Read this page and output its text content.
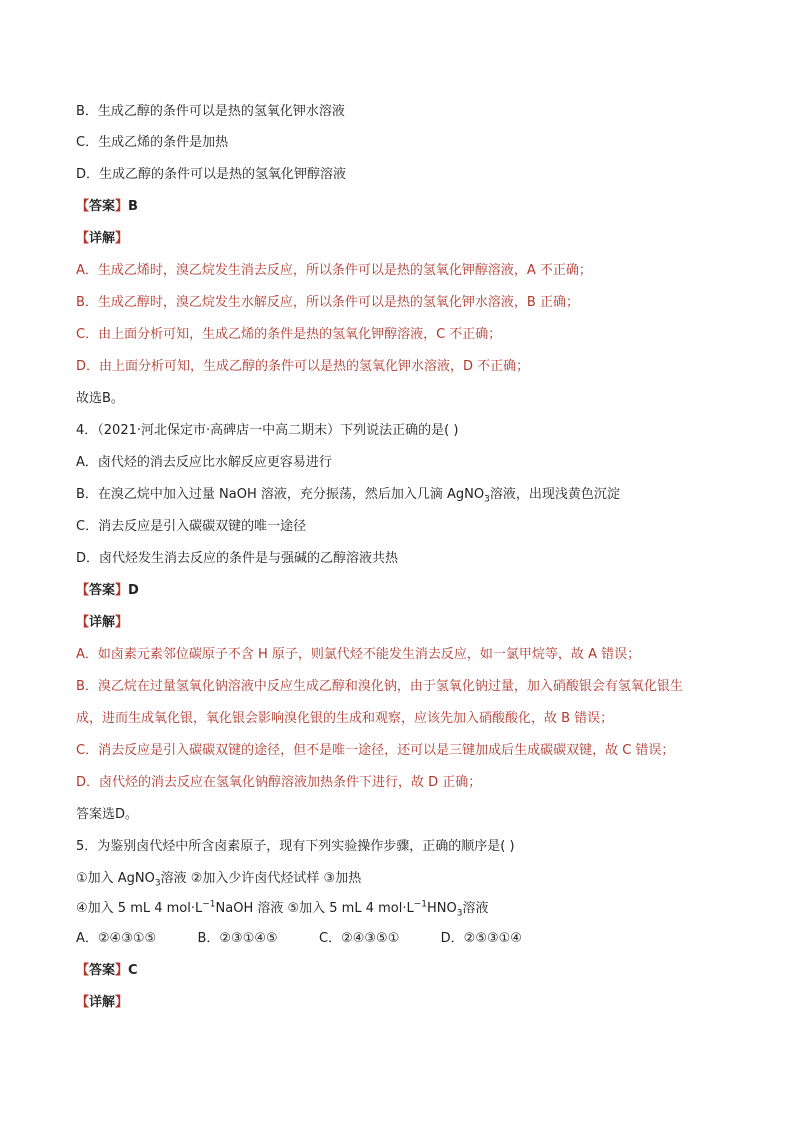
B．生成乙醇的条件可以是热的氢氧化钾水溶液
C．生成乙烯的条件是加热
D．生成乙醇的条件可以是热的氢氧化钾醇溶液
【答案】B
【详解】
A．生成乙烯时，溴乙烷发生消去反应，所以条件可以是热的氢氧化钾醇溶液，A 不正确；
B．生成乙醇时，溴乙烷发生水解反应，所以条件可以是热的氢氧化钾水溶液，B 正确；
C．由上面分析可知，生成乙烯的条件是热的氢氧化钾醇溶液，C 不正确；
D．由上面分析可知，生成乙醇的条件可以是热的氢氧化钾水溶液，D 不正确；
故选B。
4．（2021·河北保定市·高碑店一中高二期末）下列说法正确的是( )
A．卤代烃的消去反应比水解反应更容易进行
B．在溴乙烷中加入过量 NaOH 溶液，充分振荡，然后加入几滴 AgNO$_3$溶液，出现浅黄色沉淀
C．消去反应是引入碳碳双键的唯一途径
D．卤代烃发生消去反应的条件是与强碱的乙醇溶液共热
【答案】D
【详解】
A．如卤素元素邻位碳原子不含 H 原子，则氯代烃不能发生消去反应，如一氯甲烷等，故 A 错误；
B．溴乙烷在过量氢氧化钠溶液中反应生成乙醇和溴化钠，由于氢氧化钠过量，加入硝酸银会有氢氧化银生
成，进而生成氧化银，氧化银会影响溴化银的生成和观察，应该先加入硝酸酸化，故 B 错误；
C．消去反应是引入碳碳双键的途径，但不是唯一途径，还可以是三键加成后生成碳碳双键，故 C 错误；
D．卤代烃的消去反应在氢氧化钠醇溶液加热条件下进行，故 D 正确；
答案选D。
5．为鉴别卤代烃中所含卤素原子，现有下列实验操作步骤，正确的顺序是( )
①加入 AgNO$_3$溶液 ②加入少许卤代烃试样 ③加热
④加入 5 mL 4 $mol\cdot L^{-1}NaOH$ 溶液 ⑤加入 5 mL 4 $mol\cdot L^{-1}HNO_3$溶液
A．②④③①⑤          B．②③①④⑤          C．②④③⑤①          D．②⑤③①④
【答案】C
【详解】
